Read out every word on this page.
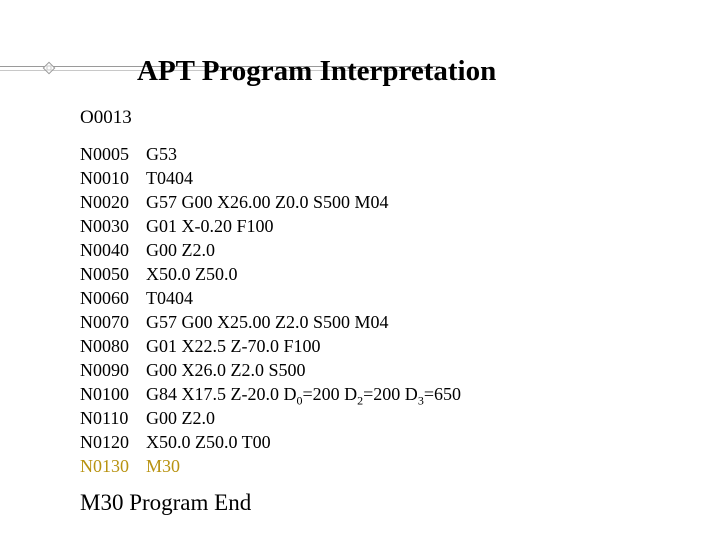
APT Program Interpretation
O0013
N0005 G53
N0010 T0404
N0020 G57 G00 X26.00 Z0.0 S500 M04
N0030 G01 X-0.20 F100
N0040 G00 Z2.0
N0050 X50.0 Z50.0
N0060 T0404
N0070 G57 G00 X25.00 Z2.0 S500 M04
N0080 G01 X22.5 Z-70.0 F100
N0090 G00 X26.0 Z2.0 S500
N0100 G84 X17.5 Z-20.0 $D_0=200$ $D_2=200$ $D_3=650$
N0110 G00 Z2.0
N0120 X50.0 Z50.0 T00
N0130 M30
M30 Program End
